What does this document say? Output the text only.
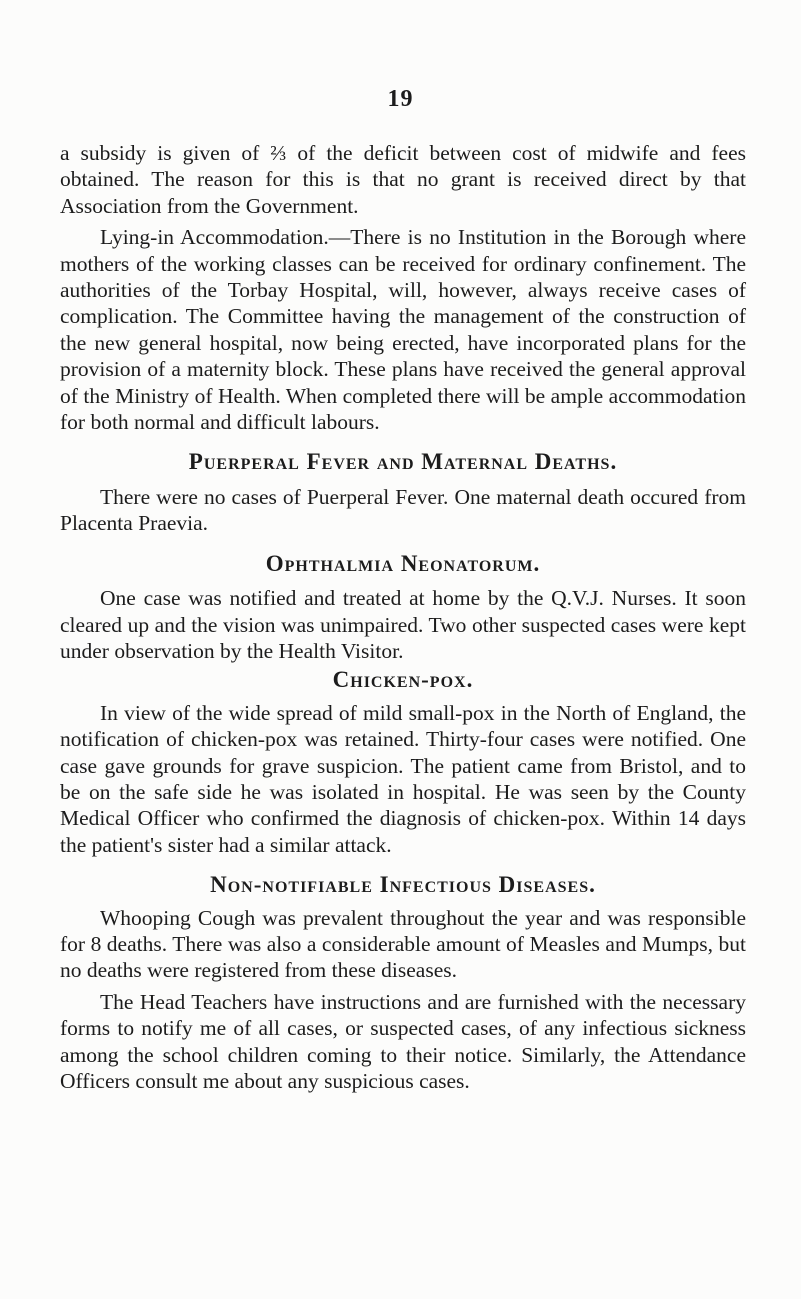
19

a subsidy is given of ⅔ of the deficit between cost of midwife and fees obtained. The reason for this is that no grant is received direct by that Association from the Government.

Lying-in Accommodation.—There is no Institution in the Borough where mothers of the working classes can be received for ordinary confinement. The authorities of the Torbay Hospital, will, however, always receive cases of complication. The Committee having the management of the construction of the new general hospital, now being erected, have incorporated plans for the provision of a maternity block. These plans have received the general approval of the Ministry of Health. When completed there will be ample accommodation for both normal and difficult labours.

Puerperal Fever and Maternal Deaths.

There were no cases of Puerperal Fever. One maternal death occured from Placenta Praevia.

Ophthalmia Neonatorum.

One case was notified and treated at home by the Q.V.J. Nurses. It soon cleared up and the vision was unimpaired. Two other suspected cases were kept under observation by the Health Visitor.

Chicken-pox.

In view of the wide spread of mild small-pox in the North of England, the notification of chicken-pox was retained. Thirty-four cases were notified. One case gave grounds for grave suspicion. The patient came from Bristol, and to be on the safe side he was isolated in hospital. He was seen by the County Medical Officer who confirmed the diagnosis of chicken-pox. Within 14 days the patient's sister had a similar attack.

Non-notifiable Infectious Diseases.

Whooping Cough was prevalent throughout the year and was responsible for 8 deaths. There was also a considerable amount of Measles and Mumps, but no deaths were registered from these diseases.

The Head Teachers have instructions and are furnished with the necessary forms to notify me of all cases, or suspected cases, of any infectious sickness among the school children coming to their notice. Similarly, the Attendance Officers consult me about any suspicious cases.
